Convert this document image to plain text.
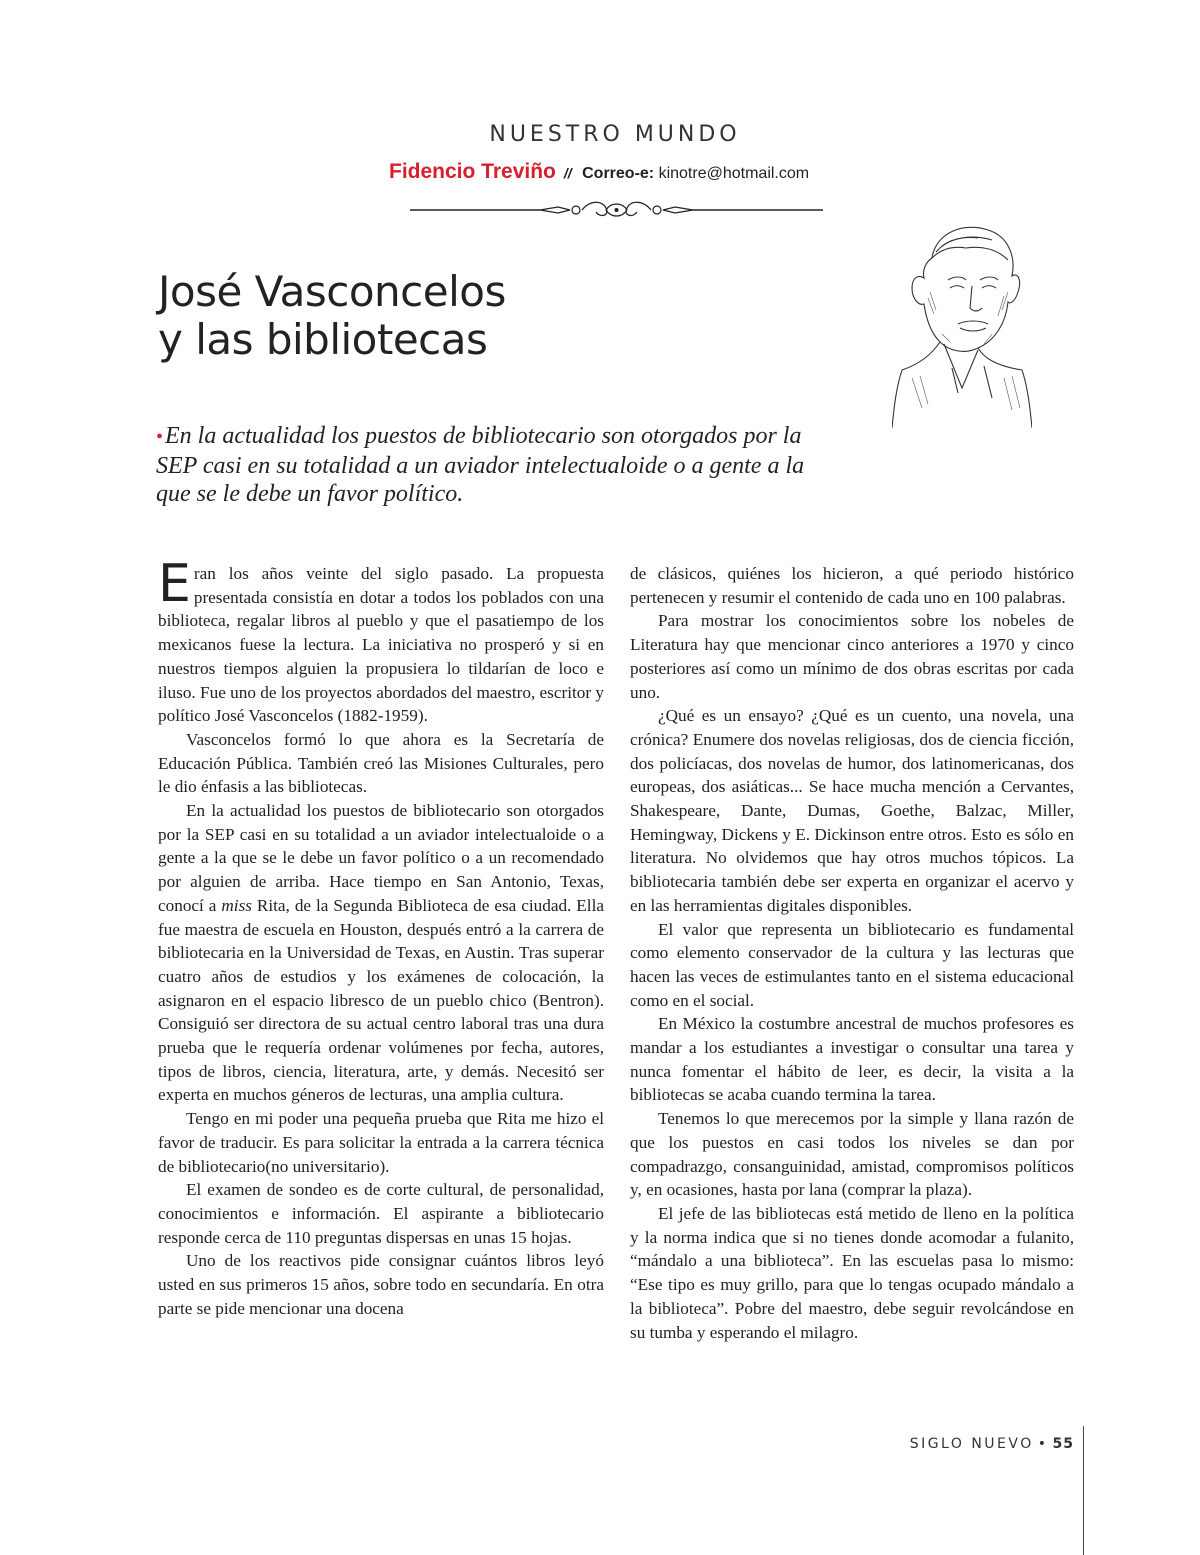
NUESTRO MUNDO
Fidencio Treviño // Correo-e: kinotre@hotmail.com
José Vasconcelos
y las bibliotecas
•En la actualidad los puestos de bibliotecario son otorgados por la SEP casi en su totalidad a un aviador intelectualoide o a gente a la que se le debe un favor político.

Eran los años veinte del siglo pasado. La propuesta presentada consistía en dotar a todos los poblados con una biblioteca, regalar libros al pueblo y que el pasatiempo de los mexicanos fuese la lectura. La iniciativa no prosperó y si en nuestros tiempos alguien la propusiera lo tildarían de loco e iluso. Fue uno de los proyectos abordados del maestro, escritor y político José Vasconcelos (1882-1959).

Vasconcelos formó lo que ahora es la Secretaría de Educación Pública. También creó las Misiones Culturales, pero le dio énfasis a las bibliotecas.

En la actualidad los puestos de bibliotecario son otorgados por la SEP casi en su totalidad a un aviador intelectualoide o a gente a la que se le debe un favor político o a un recomendado por alguien de arriba. Hace tiempo en San Antonio, Texas, conocí a miss Rita, de la Segunda Biblioteca de esa ciudad. Ella fue maestra de escuela en Houston, después entró a la carrera de bibliotecaria en la Universidad de Texas, en Austin. Tras superar cuatro años de estudios y los exámenes de colocación, la asignaron en el espacio libresco de un pueblo chico (Bentron). Consiguió ser directora de su actual centro laboral tras una dura prueba que le requería ordenar volúmenes por fecha, autores, tipos de libros, ciencia, literatura, arte, y demás. Necesitó ser experta en muchos géneros de lecturas, una amplia cultura.

Tengo en mi poder una pequeña prueba que Rita me hizo el favor de traducir. Es para solicitar la entrada a la carrera técnica de bibliotecario(no universitario).

El examen de sondeo es de corte cultural, de personalidad, conocimientos e información. El aspirante a bibliotecario responde cerca de 110 preguntas dispersas en unas 15 hojas.

Uno de los reactivos pide consignar cuántos libros leyó usted en sus primeros 15 años, sobre todo en secundaría. En otra parte se pide mencionar una docena

de clásicos, quiénes los hicieron, a qué periodo histórico pertenecen y resumir el contenido de cada uno en 100 palabras.

Para mostrar los conocimientos sobre los nobeles de Literatura hay que mencionar cinco anteriores a 1970 y cinco posteriores así como un mínimo de dos obras escritas por cada uno.

¿Qué es un ensayo? ¿Qué es un cuento, una novela, una crónica? Enumere dos novelas religiosas, dos de ciencia ficción, dos policíacas, dos novelas de humor, dos latinomericanas, dos europeas, dos asiáticas... Se hace mucha mención a Cervantes, Shakespeare, Dante, Dumas, Goethe, Balzac, Miller, Hemingway, Dickens y E. Dickinson entre otros. Esto es sólo en literatura. No olvidemos que hay otros muchos tópicos. La bibliotecaria también debe ser experta en organizar el acervo y en las herramientas digitales disponibles.

El valor que representa un bibliotecario es fundamental como elemento conservador de la cultura y las lecturas que hacen las veces de estimulantes tanto en el sistema educacional como en el social.

En México la costumbre ancestral de muchos profesores es mandar a los estudiantes a investigar o consultar una tarea y nunca fomentar el hábito de leer, es decir, la visita a la bibliotecas se acaba cuando termina la tarea.

Tenemos lo que merecemos por la simple y llana razón de que los puestos en casi todos los niveles se dan por compadrazgo, consanguinidad, amistad, compromisos políticos y, en ocasiones, hasta por lana (comprar la plaza).

El jefe de las bibliotecas está metido de lleno en la política y la norma indica que si no tienes donde acomodar a fulanito, “mándalo a una biblioteca”. En las escuelas pasa lo mismo: “Ese tipo es muy grillo, para que lo tengas ocupado mándalo a la biblioteca”. Pobre del maestro, debe seguir revolcándose en su tumba y esperando el milagro.

SIGLO NUEVO • 55
